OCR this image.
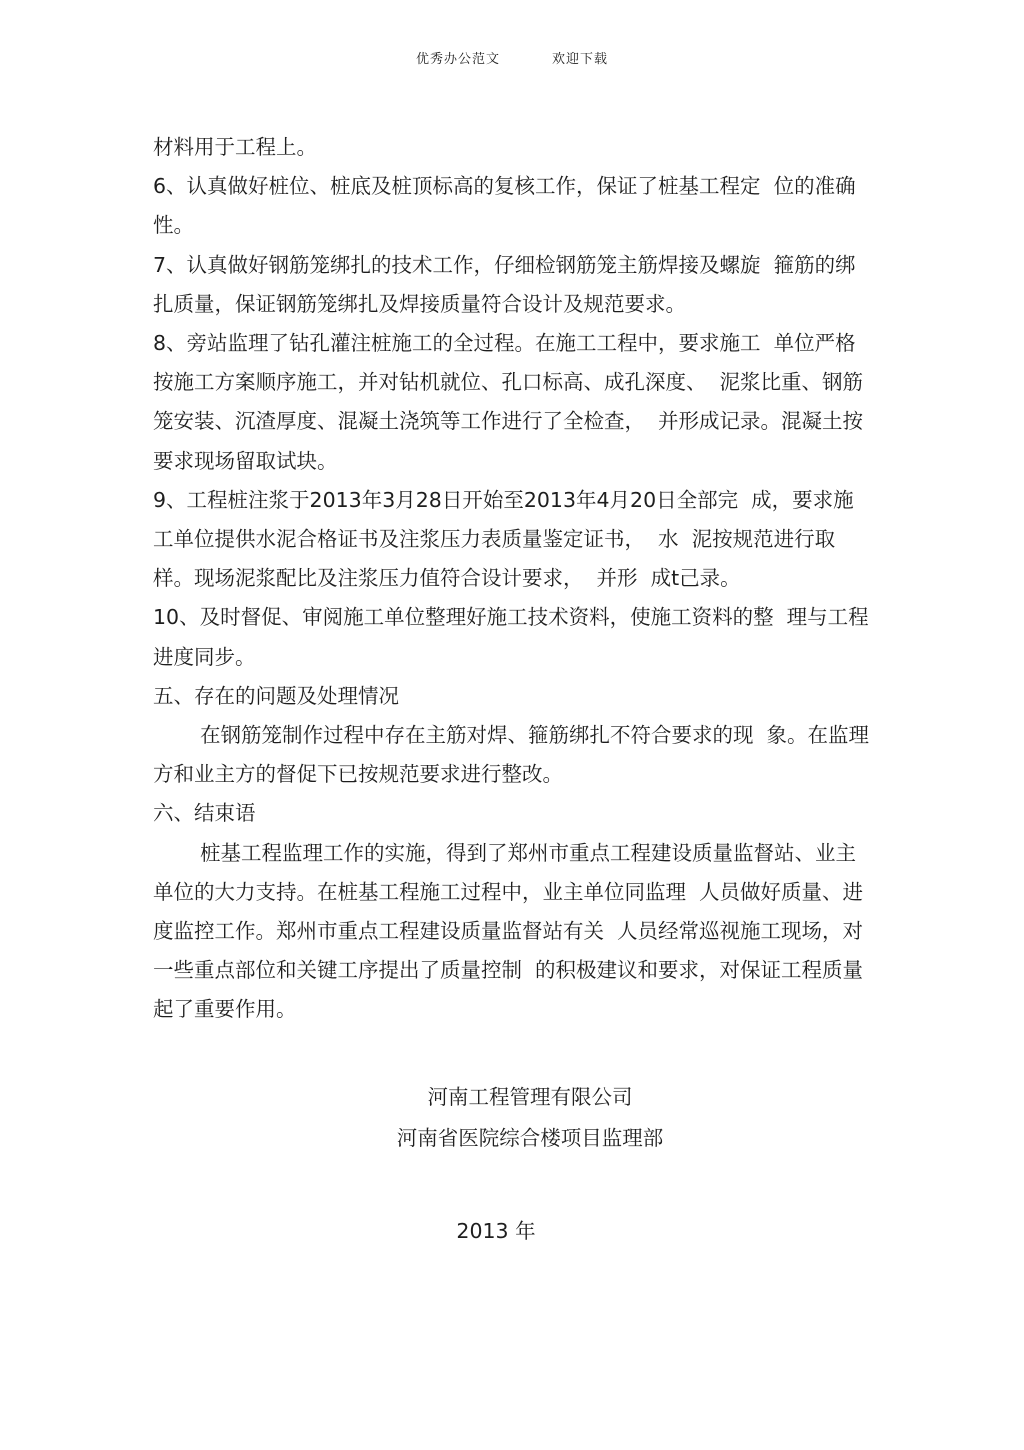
优秀办公范文	欢迎下载

材料用于工程上。

6、认真做好桩位、桩底及桩顶标高的复核工作，保证了桩基工程定  位的准确性。

7、认真做好钢筋笼绑扎的技术工作，仔细检钢筋笼主筋焊接及螺旋  箍筋的绑扎质量，保证钢筋笼绑扎及焊接质量符合设计及规范要求。

8、旁站监理了钻孔灌注桩施工的全过程。在施工工程中，要求施工  单位严格按施工方案顺序施工，并对钻机就位、孔口标高、成孔深度、  泥浆比重、钢筋笼安装、沉渣厚度、混凝土浇筑等工作进行了全检查，  并形成记录。混凝土按要求现场留取试块。

9、工程桩注浆于2013年3月28日开始至2013年4月20日全部完  成，要求施工单位提供水泥合格证书及注浆压力表质量鉴定证书，  水  泥按规范进行取样。现场泥浆配比及注浆压力值符合设计要求，  并形  成t己录。

10、及时督促、审阅施工单位整理好施工技术资料，使施工资料的整  理与工程进度同步。

五、存在的问题及处理情况

在钢筋笼制作过程中存在主筋对焊、箍筋绑扎不符合要求的现  象。在监理方和业主方的督促下已按规范要求进行整改。

六、结束语

桩基工程监理工作的实施，得到了郑州市重点工程建设质量监督站、业主单位的大力支持。在桩基工程施工过程中，业主单位同监理  人员做好质量、进度监控工作。郑州市重点工程建设质量监督站有关  人员经常巡视施工现场，对一些重点部位和关键工序提出了质量控制  的积极建议和要求，对保证工程质量起了重要作用。

河南工程管理有限公司
河南省医院综合楼项目监理部
2013 年
